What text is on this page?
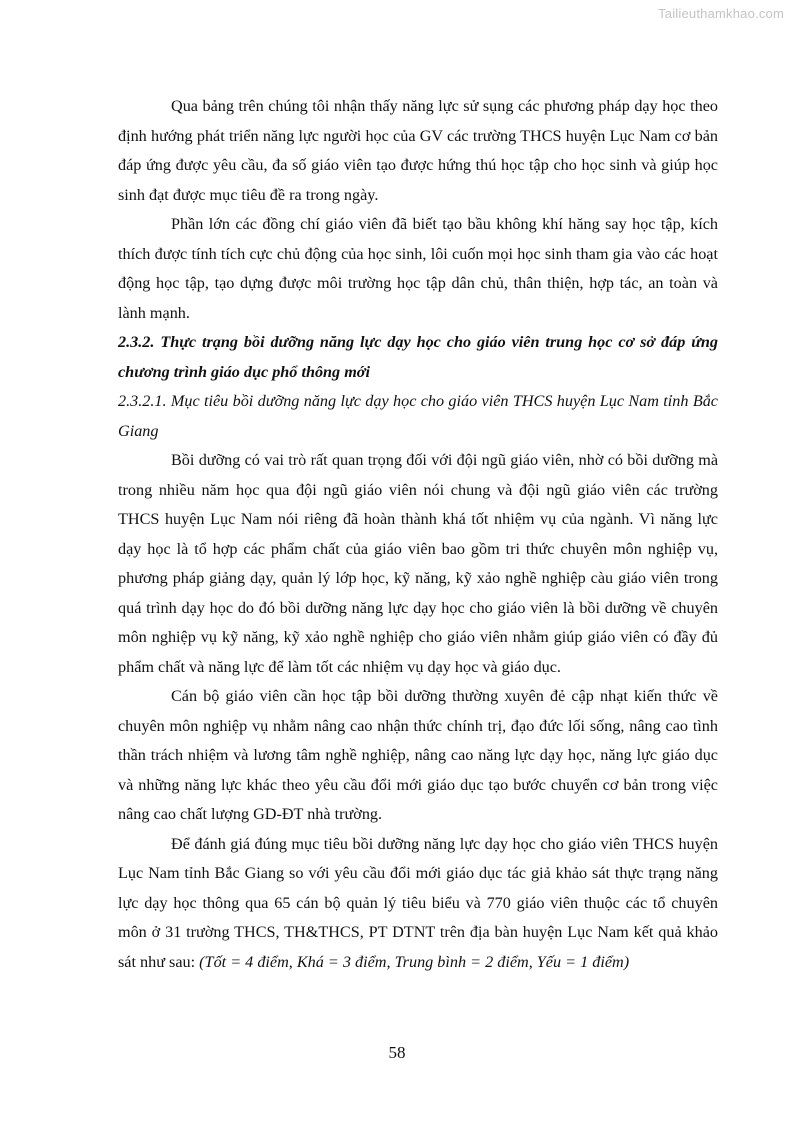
Tailieuthamkhao.com

Qua bảng trên chúng tôi nhận thấy năng lực sử sụng các phương pháp dạy học theo định hướng phát triển năng lực người học của GV các trường THCS huyện Lục Nam cơ bản đáp ứng được yêu cầu, đa số giáo viên tạo được hứng thú học tập cho học sinh và giúp học sinh đạt được mục tiêu đề ra trong ngày.

Phần lớn các đồng chí giáo viên đã biết tạo bầu không khí hăng say học tập, kích thích được tính tích cực chủ động của học sinh, lôi cuốn mọi học sinh tham gia vào các hoạt động học tập, tạo dựng được môi trường học tập dân chủ, thân thiện, hợp tác, an toàn và lành mạnh.

2.3.2. Thực trạng bồi dưỡng năng lực dạy học cho giáo viên trung học cơ sở đáp ứng chương trình giáo dục phổ thông mới

2.3.2.1. Mục tiêu bồi dưỡng năng lực dạy học cho giáo viên THCS huyện Lục Nam tỉnh Bắc Giang

Bồi dưỡng có vai trò rất quan trọng đối với đội ngũ giáo viên, nhờ có bồi dưỡng mà trong nhiều năm học qua đội ngũ giáo viên nói chung và đội ngũ giáo viên các trường THCS huyện Lục Nam nói riêng đã hoàn thành khá tốt nhiệm vụ của ngành. Vì năng lực dạy học là tổ hợp các phẩm chất của giáo viên bao gồm tri thức chuyên môn nghiệp vụ, phương pháp giảng dạy, quản lý lớp học, kỹ năng, kỹ xảo nghề nghiệp càu giáo viên trong quá trình dạy học do đó bồi dưỡng năng lực dạy học cho giáo viên là bồi dưỡng về chuyên môn nghiệp vụ kỹ năng, kỹ xảo nghề nghiệp cho giáo viên nhằm giúp giáo viên có đầy đủ phẩm chất và năng lực để làm tốt các nhiệm vụ dạy học và giáo dục.

Cán bộ giáo viên cần học tập bồi dưỡng thường xuyên đẻ cập nhạt kiến thức về chuyên môn nghiệp vụ nhằm nâng cao nhận thức chính trị, đạo đức lối sống, nâng cao tình thần trách nhiệm và lương tâm nghề nghiệp, nâng cao năng lực dạy học, năng lực giáo dục và những năng lực khác theo yêu cầu đổi mới giáo dục tạo bước chuyển cơ bản trong việc nâng cao chất lượng GD-ĐT nhà trường.

Để đánh giá đúng mục tiêu bồi dưỡng năng lực dạy học cho giáo viên THCS huyện Lục Nam tỉnh Bắc Giang so với yêu cầu đổi mới giáo dục tác giả khảo sát thực trạng năng lực dạy học thông qua 65 cán bộ quản lý tiêu biểu và 770 giáo viên thuộc các tổ chuyên môn ở 31 trường THCS, TH&THCS, PT DTNT trên địa bàn huyện Lục Nam kết quả khảo sát như sau: (Tốt = 4 điểm, Khá = 3 điểm, Trung bình = 2 điểm, Yếu = 1 điểm)

58
